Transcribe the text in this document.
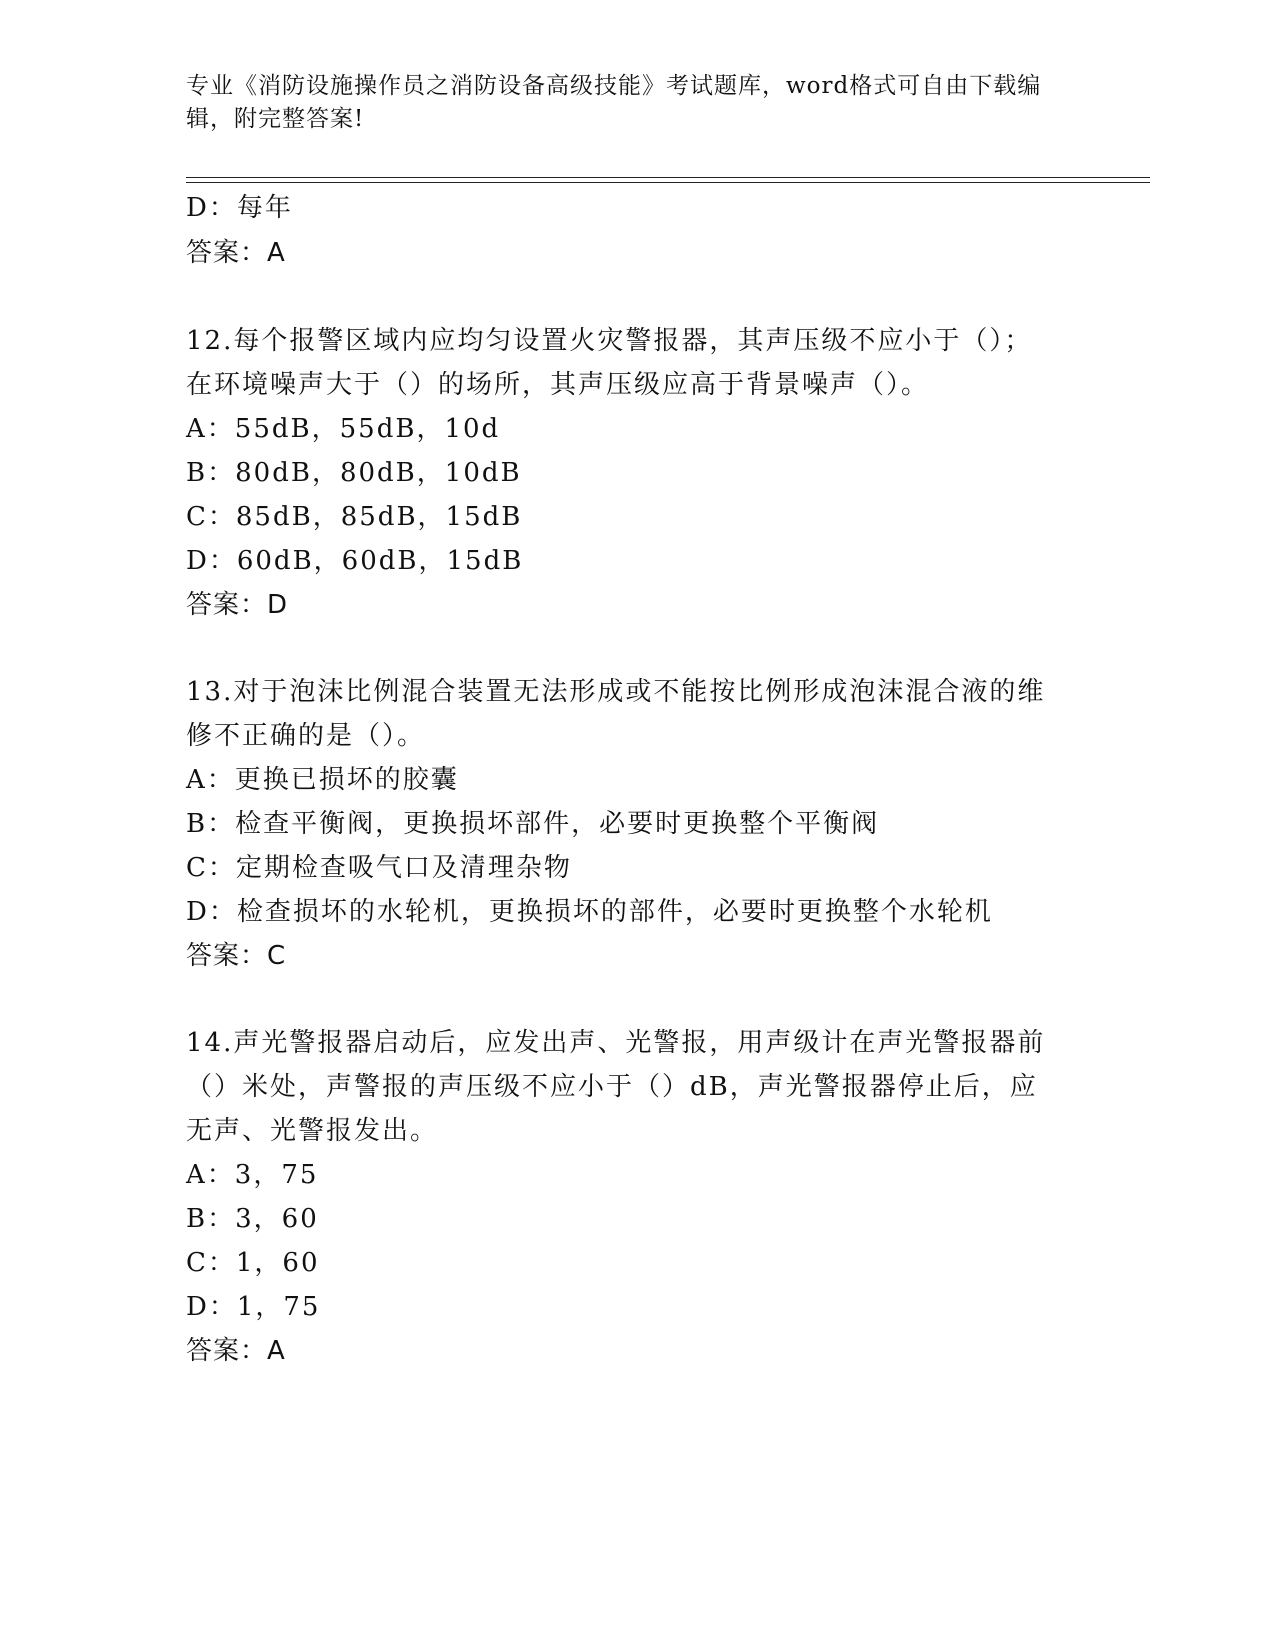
专业《消防设施操作员之消防设备高级技能》考试题库，word格式可自由下载编
辑，附完整答案!
D：每年
答案：A
12.每个报警区域内应均匀设置火灾警报器，其声压级不应小于（）；
在环境噪声大于（）的场所，其声压级应高于背景噪声（）。
A：55dB，55dB，10d
B：80dB，80dB，10dB
C：85dB，85dB，15dB
D：60dB，60dB，15dB
答案：D
13.对于泡沫比例混合装置无法形成或不能按比例形成泡沫混合液的维
修不正确的是（）。
A：更换已损坏的胶囊
B：检查平衡阀，更换损坏部件，必要时更换整个平衡阀
C：定期检查吸气口及清理杂物
D：检查损坏的水轮机，更换损坏的部件，必要时更换整个水轮机
答案：C
14.声光警报器启动后，应发出声、光警报，用声级计在声光警报器前
（）米处，声警报的声压级不应小于（）dB，声光警报器停止后，应
无声、光警报发出。
A：3，75
B：3，60
C：1，60
D：1，75
答案：A
